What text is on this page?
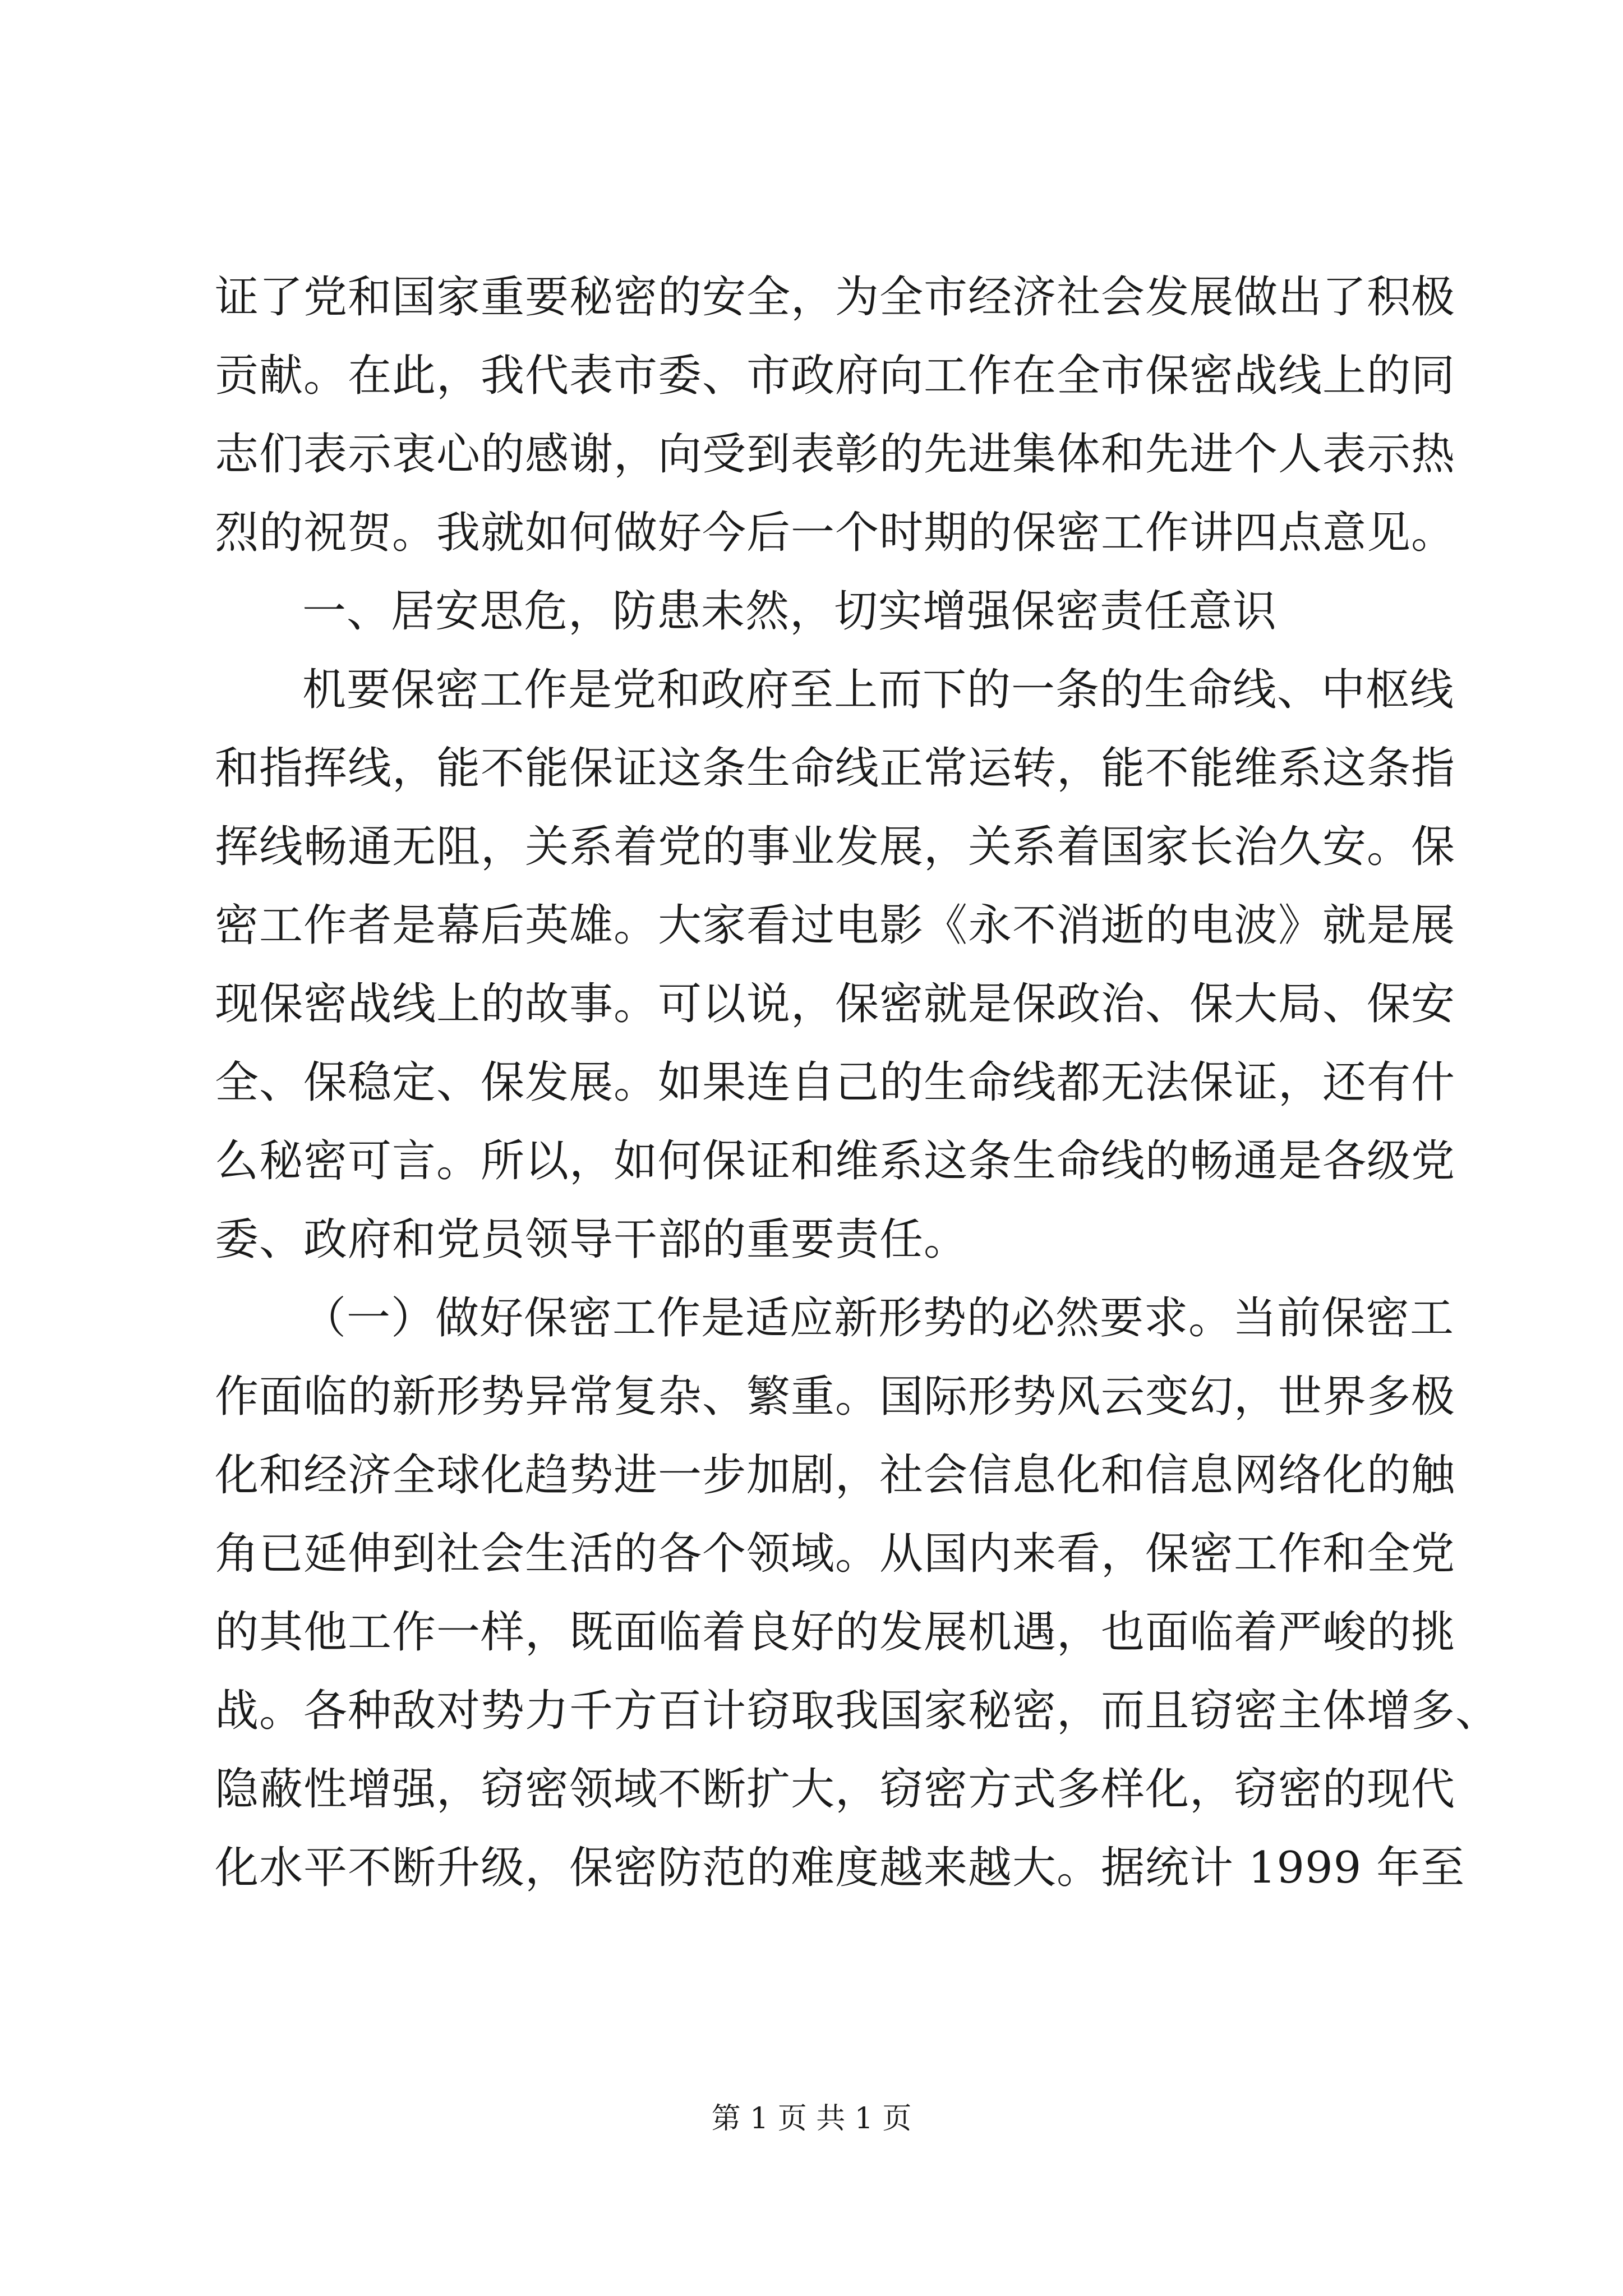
证了党和国家重要秘密的安全，为全市经济社会发展做出了积极
贡献。在此，我代表市委、市政府向工作在全市保密战线上的同
志们表示衷心的感谢，向受到表彰的先进集体和先进个人表示热
烈的祝贺。我就如何做好今后一个时期的保密工作讲四点意见。
一、居安思危，防患未然，切实增强保密责任意识
机要保密工作是党和政府至上而下的一条的生命线、中枢线
和指挥线，能不能保证这条生命线正常运转，能不能维系这条指
挥线畅通无阻，关系着党的事业发展，关系着国家长治久安。保
密工作者是幕后英雄。大家看过电影《永不消逝的电波》就是展
现保密战线上的故事。可以说，保密就是保政治、保大局、保安
全、保稳定、保发展。如果连自己的生命线都无法保证，还有什
么秘密可言。所以，如何保证和维系这条生命线的畅通是各级党
委、政府和党员领导干部的重要责任。
（一）做好保密工作是适应新形势的必然要求。当前保密工
作面临的新形势异常复杂、繁重。国际形势风云变幻，世界多极
化和经济全球化趋势进一步加剧，社会信息化和信息网络化的触
角已延伸到社会生活的各个领域。从国内来看，保密工作和全党
的其他工作一样，既面临着良好的发展机遇，也面临着严峻的挑
战。各种敌对势力千方百计窃取我国家秘密，而且窃密主体增多、
隐蔽性增强，窃密领域不断扩大，窃密方式多样化，窃密的现代
化水平不断升级，保密防范的难度越来越大。据统计 1999 年至
第 1 页 共 1 页
